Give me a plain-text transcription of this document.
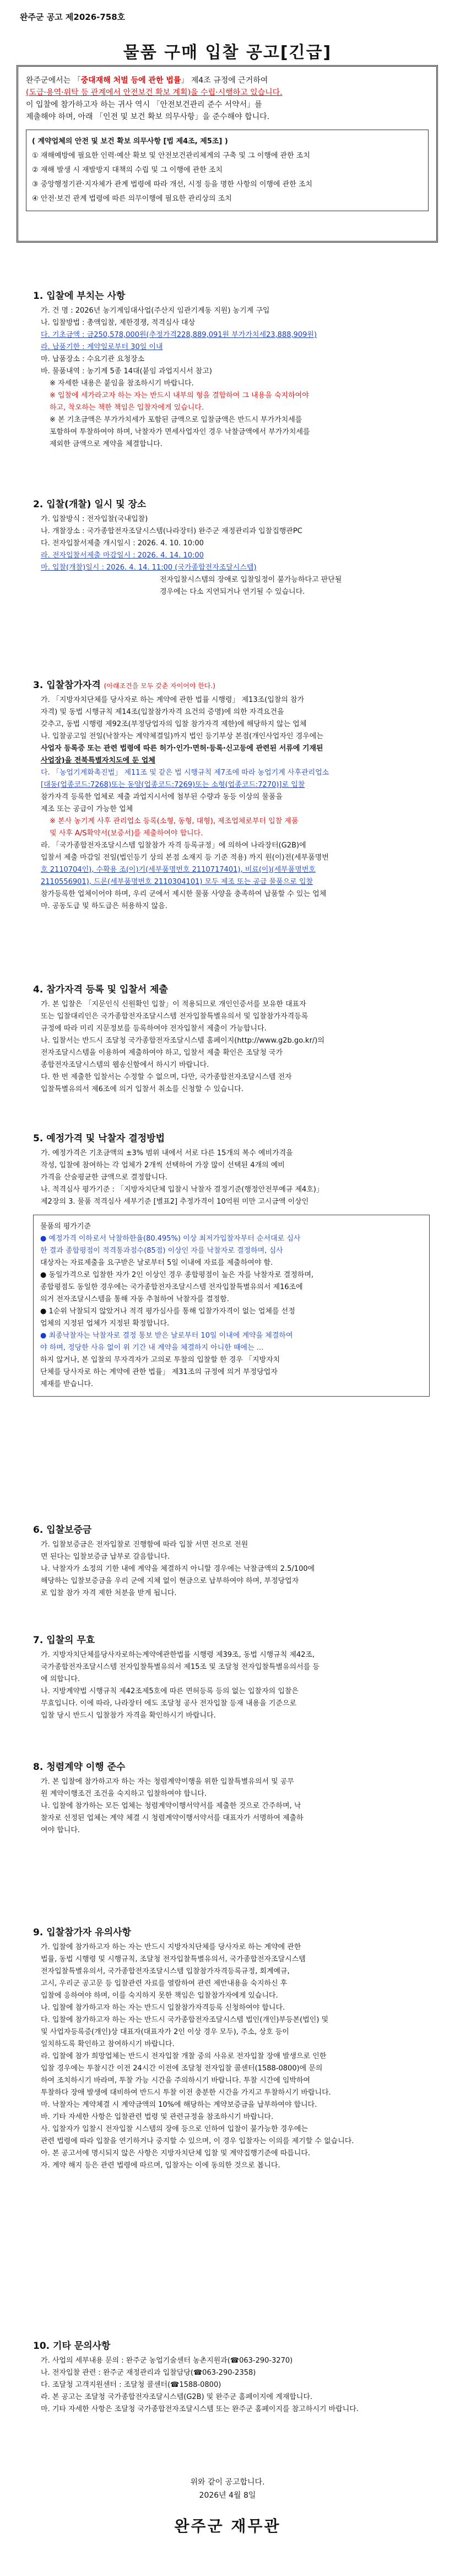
완주군 공고 제2026-758호
물품 구매 입찰 공고[긴급]

완주군에서는 「중대재해 처벌 등에 관한 법률」 제4조 규정에 근거하여

(도급·용역·위탁 등 관계에서 안전보건 확보 계획)을 수립·시행하고 있습니다.

이 입찰에 참가하고자 하는 귀사 역시 「안전보건관리 준수 서약서」를

제출해야 하며, 아래 「인전 및 보건 확보 의무사항」을 준수해야 합니다.

( 계약업체의 안전 및 보건 확보 의무사항 [법 제4조, 제5조] )
① 재해예방에 필요한 인력·예산 확보 및 안전보건관리체계의 구축 및 그 이행에 관한 조치
② 재해 발생 시 재발방지 대책의 수립 및 그 이행에 관한 조치
③ 중앙행정기관·지자체가 관계 법령에 따라 개선, 시정 등을 명한 사항의 이행에 관한 조치
④ 안전·보건 관계 법령에 따른 의무이행에 필요한 관리상의 조치
1. 입찰에 부치는 사항

가. 건 명 : 2026년 농기계임대사업(주산지 임관기계동 지원) 농기계 구입

나. 입찰방법 : 총액입찰, 제한경쟁, 적격심사 대상

다. 기초금액 : 금250,578,000원(추정가격228,889,091원 부가가치세23,888,909원)

라. 납품기한 : 계약일로부터 30일 이내

마. 납품장소 : 수요기관 요청장소

바. 물품내역 : 농기계 5종 14대(붙임 과업지시서 참고)

※ 자세한 내용은 붙임을 참조하시기 바랍니다.

※ 입찰에 세가라고자 하는 자는 반드시 내부의 형을 결합하여 그 내용을 숙지하여야

하고, 착오하는 책한 책임은 입찰자에게 있습니다.

※ 본 기초금액은 부가가치세가 포함된 금액으로 입찰금액은 반드시 부가가치세를

포함하여 투찰하여야 하며, 낙찰자가 면세사업자인 경우 낙찰금액에서 부가가치세를

제외한 금액으로 계약을 체결합니다.

2. 입찰(개찰) 일시 및 장소

가. 입찰방식 : 전자입찰(국내입찰)

나. 개찰장소 : 국가종합전자조달시스템(나라장터) 완주군 재정관리과 입찰집행관PC

다. 전자입찰서제출 개시일시 : 2026. 4. 10. 10:00

라. 전자입찰서제출 마감일시 : 2026. 4. 14. 10:00

마. 입찰(개찰)일시 : 2026. 4. 14. 11:00 (국가종합전자조달시스템)

전자입찰시스템의 장애로 입찰일정이 불가능하다고 판단될

경우에는 다소 지연되거나 연기될 수 있습니다.

3. 입찰참가자격 (아래조건을 모두 갖춘 자이어야 한다.)

가. 「지방자치단체를 당사자로 하는 계약에 관한 법률 시행령」 제13조(입찰의 참가

자격) 및 동법 시행규칙 제14조(입찰참가자격 요건의 증명)에 의한 자격요건을

갖추고, 동법 시행령 제92조(부정당업자의 입찰 참가자격 제한)에 해당하지 않는 업체

나. 입찰공고일 전일(낙찰자는 계약체결일)까지 법인 등기부상 본점(개인사업자인 경우에는

사업자 등록증 또는 관련 법령에 따른 허가·인가·면허·등록·신고등에 관련된 서류에 기재된

사업장)을 전북특별자치도에 둔 업체

다. 「농업기계화촉진법」 제11조 및 같은 법 시행규칙 제7조에 따라 농업기계 사후관리업소

[대동(업종코드:7268)또는 동양(업종코드:7269)또는 소형(업종코드:7270)]로 입찰

참가자격 등록한 업체로 제출 과업지시서에 첨부된 수량과 동등 이상의 물품을

제조 또는 공급이 가능한 업체

※ 본사 농기계 사후 관리업소 등록(소형, 동형, 대형), 제조업체로부터 입찰 제품

및 사후 A/S확약서(보증서)를 제출하여야 합니다.

라. 「국가종합전자조달시스템 입찰참가 자격 등록규정」에 의하여 나라장터(G2B)에

입찰서 제출 마감일 전일(법인등기 상의 본점 소재지 등 기준 적용) 까지 원(이)전(세부품명번

호 2110704인), 수확용 조(이)기(세부품명번호 2110717401), 비료(이)(세부품명번호

2110556901), 드론(세부품명번호 2110304101) 모두 제조 또는 공급 물품으로 입찰

참가등록한 업체이어야 하며, 우리 군에서 제시한 물품 사양을 충족하여 납품할 수 있는 업체

마. 공동도급 및 하도급은 허용하지 않음.

4. 참가자격 등록 및 입찰서 제출

가. 본 입찰은 「지문인식 신원확인 입찰」이 적용되므로 개인인증서를 보유한 대표자

또는 입찰대리인은 국가종합전자조달시스템 전자입찰특별유의서 및 입찰참가자격등록

규정에 따라 미리 지문정보를 등록하여야 전자입찰서 제출이 가능합니다.

나. 입찰서는 반드시 조달청 국가종합전자조달시스템 홈페이지(http://www.g2b.go.kr/)의

전자조달시스템을 이용하여 제출하여야 하고, 입찰서 제출 확인은 조달청 국가

종합전자조달시스템의 웹송신함에서 하시기 바랍니다.

다. 한 번 제출한 입찰서는 수정할 수 없으며, 다만, 국가종합전자조달시스템 전자

입찰특별유의서 제6조에 의거 입찰서 취소를 신청할 수 있습니다.

5. 예정가격 및 낙찰자 결정방법

가. 예정가격은 기초금액의 ±3% 범위 내에서 서로 다른 15개의 복수 예비가격을

작성, 입찰에 참여하는 각 업체가 2개씩 선택하여 가장 많이 선택된 4개의 예비

가격을 산술평균한 금액으로 결정합니다.

나. 적격심사 평가기준 : 「지방자치단체 입찰시 낙찰자 결정기준(행정안전부예규 제4호)」

제2장의 3. 물품 적격심사 세부기준 [별표2] 추정가격이 10억원 미만 고시금액 이상인

물품의 평가기준
● 예정가격 이하로서 낙찰하한율(80.495%) 이상 최저가입찰자부터 순서대로 심사
한 결과 종합평점이 적격통과점수(85점) 이상인 자를 낙찰자로 결정하며, 심사
대상자는 자료제출을 요구받은 날로부터 5일 이내에 자료를 제출하여야 함.
● 동일가격으로 입찰한 자가 2인 이상인 경우 종합평점이 높은 자를 낙찰자로 결정하며,
종합평점도 동일한 경우에는 국가종합전자조달시스템 전자입찰특별유의서 제16조에
의거 전자조달시스템을 통해 자동 추첨하여 낙찰자를 결정함.
● 1순위 낙찰되지 않았거나 적격 평가심사를 통해 입찰가자격이 없는 업체를 선정
업체의 지정된 업체가 지정된 확정합니다.
● 최종낙찰자는 낙찰자로 결정 통보 받은 날로부터 10일 이내에 계약을 체결하여
야 하며, 정당한 사유 없이 위 기간 내 계약을 체결하지 아니한 때에는 ...
하지 않거나, 본 입찰의 무자격자가 고의로 투찰의 입찰할 한 경우 「지방자치
단체를 당사자로 하는 계약에 관한 법률」 제31조의 규정에 의거 부정당업자
제재를 받습니다.
6. 입찰보증금

가. 입찰보증금은 전자입찰로 진행함에 따라 입찰 서면 전으로 전원

면 된다는 입찰보증금 납부로 갈음합니다.

나. 낙찰자가 소정의 기한 내에 계약을 체결하지 아니할 경우에는 낙찰금액의 2.5/100에

해당하는 입찰보증금을 우리 군에 지체 없이 현금으로 납부하여야 하며, 부정당업자

로 입찰 참가 자격 제한 처분을 받게 됩니다.

7. 입찰의 무효

가. 지방자치단체를당사자로하는계약에관한법률 시행령 제39조, 동법 시행규칙 제42조,

국가종합전자조달시스템 전자입찰특별유의서 제15조 및 조달청 전자입찰특별유의서를 등

에 의합니다.

나. 지방계약법 시행규칙 제42조제5호에 따른 면허등록 등의 없는 입찰자의 입찰은

무효입니다. 이에 따라, 나라장터 에도 조달청 공사 전자입찰 등재 내용을 기준으로

입찰 당시 반드시 입찰참가 자격을 확인하시기 바랍니다.

8. 청렴계약 이행 준수

가. 본 입찰에 참가하고자 하는 자는 청렴계약이행을 위한 입찰특별유의서 및 공무

원 계약이행조건 조건을 숙지하고 입찰하여야 합니다.

나. 입찰에 참가하는 모든 업체는 청렴계약이행서약서를 제출한 것으로 간주하며, 낙

찰자로 선정된 업체는 계약 체결 시 청렴계약이행서약서를 대표자가 서명하여 제출하

여야 합니다.

9. 입찰참가자 유의사항

가. 입찰에 참가하고자 하는 자는 반드시 지방자치단체를 당사자로 하는 계약에 관한

법률, 동법 시행령 및 시행규칙, 조달청 전자입찰특별유의서, 국가종합전자조달시스템

전자입찰특별유의서, 국가종합전자조달시스템 입찰참가자격등록규정, 회계예규,

고시, 우리군 공고문 등 입찰관련 자료를 열람하여 관련 제반내용을 숙지하신 후

입찰에 응하여야 하며, 이를 숙지하지 못한 책임은 입찰참가자에게 있습니다.

나. 입찰에 참가하고자 하는 자는 반드시 입찰참가자격등록 신청하여야 합니다.

다. 입찰에 참가하고자 하는 자는 반드시 국가종합전자조달시스템 법인(개인)부등본(법인) 및

및 사업자등록증(개인)상 대표자(대표자가 2인 이상 경우 모두), 주소, 상호 등이

일치하도록 확인하고 참여하시기 바랍니다.

라. 입찰에 참가 희망업체는 반드시 전자입찰 개찰 중의 사유로 전자입찰 장애 발생으로 인한

입찰 경우에는 투찰시간 이전 24시간 이전에 조달청 전자입찰 콜센터(1588-0800)에 문의

하여 조치하시기 바라며, 투찰 가능 시간을 주의하시기 바랍니다. 투찰 시간에 임박하여

투찰하다 장애 발생에 대비하여 반드시 투찰 이전 충분한 시간을 가지고 투찰하시기 바랍니다.

마. 낙찰자는 계약체결 시 계약금액의 10%에 해당하는 계약보증금을 납부하여야 합니다.

바. 기타 자세한 사항은 입찰관련 법령 및 관련규정을 참조하시기 바랍니다.

사. 입찰자가 입찰시 전자입찰 시스템의 장애 등으로 인하여 입찰이 불가능한 경우에는

관련 법령에 따라 입찰을 연기하거나 중지할 수 있으며, 이 경우 입찰자는 이의를 제기할 수 없습니다.

아. 본 공고서에 명시되지 않은 사항은 지방자치단체 입찰 및 계약집행기준에 따릅니다.

자. 계약 해지 등은 관련 법령에 따르며, 입찰자는 이에 동의한 것으로 봅니다.

10. 기타 문의사항

가. 사업의 세부내용 문의 : 완주군 농업기술센터 농촌지원과(☎063-290-3270)

나. 전자입찰 관련 : 완주군 재정관리과 입찰담당(☎063-290-2358)

다. 조달청 고객지원센터 : 조달청 콜센터(☎1588-0800)

라. 본 공고는 조달청 국가종합전자조달시스템(G2B) 및 완주군 홈페이지에 게재합니다.

마. 기타 자세한 사항은 조달청 국가종합전자조달시스템 또는 완주군 홈페이지를 참고하시기 바랍니다.

위와 같이 공고합니다.
2026년 4월 8일
완주군 재무관
